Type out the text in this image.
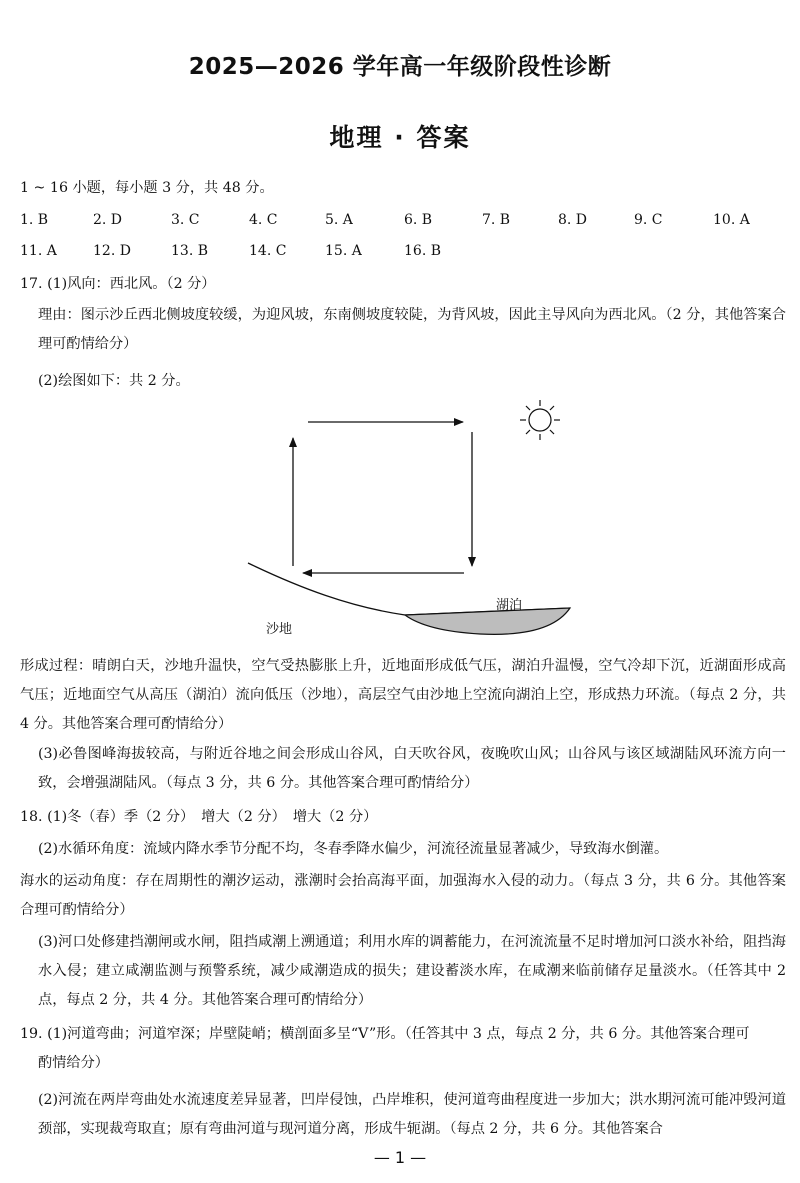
2025—2026 学年高一年级阶段性诊断
地理 · 答案
1 ~ 16 小题，每小题 3 分，共 48 分。
1. B	2. D	3. C	4. C	5. A	6. B	7. B	8. D	9. C	10. A
11. A	12. D	13. B	14. C	15. A	16. B
17. (1)风向：西北风。（2 分）
理由：图示沙丘西北侧坡度较缓，为迎风坡，东南侧坡度较陡，为背风坡，因此主导风向为西北风。（2 分，其他答案合理可酌情给分）
(2)绘图如下：共 2 分。
湖泊
沙地
形成过程：晴朗白天，沙地升温快，空气受热膨胀上升，近地面形成低气压，湖泊升温慢，空气冷却下沉，近湖面形成高气压；近地面空气从高压（湖泊）流向低压（沙地），高层空气由沙地上空流向湖泊上空，形成热力环流。（每点 2 分，共 4 分。其他答案合理可酌情给分）
(3)必鲁图峰海拔较高，与附近谷地之间会形成山谷风，白天吹谷风，夜晚吹山风；山谷风与该区域湖陆风环流方向一致，会增强湖陆风。（每点 3 分，共 6 分。其他答案合理可酌情给分）
18. (1)冬（春）季（2 分）　增大（2 分）　增大（2 分）
(2)水循环角度：流域内降水季节分配不均，冬春季降水偏少，河流径流量显著减少，导致海水倒灌。
海水的运动角度：存在周期性的潮汐运动，涨潮时会抬高海平面，加强海水入侵的动力。（每点 3 分，共 6 分。其他答案合理可酌情给分）
(3)河口处修建挡潮闸或水闸，阻挡咸潮上溯通道；利用水库的调蓄能力，在河流流量不足时增加河口淡水补给，阻挡海水入侵；建立咸潮监测与预警系统，减少咸潮造成的损失；建设蓄淡水库，在咸潮来临前储存足量淡水。（任答其中 2 点，每点 2 分，共 4 分。其他答案合理可酌情给分）
19. (1)河道弯曲；河道窄深；岸壁陡峭；横剖面多呈“V”形。（任答其中 3 点，每点 2 分，共 6 分。其他答案合理可
酌情给分）
(2)河流在两岸弯曲处水流速度差异显著，凹岸侵蚀，凸岸堆积，使河道弯曲程度进一步加大；洪水期河流可能冲毁河道颈部，实现裁弯取直；原有弯曲河道与现河道分离，形成牛轭湖。（每点 2 分，共 6 分。其他答案合
— 1 —
